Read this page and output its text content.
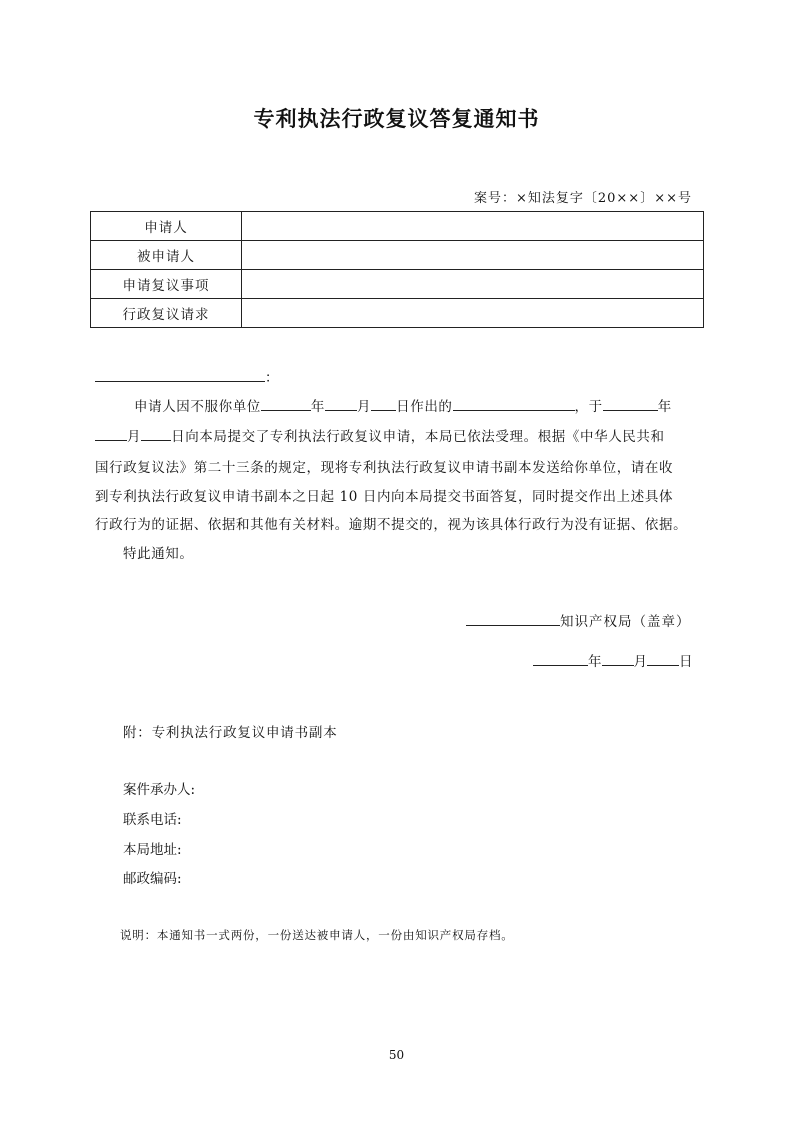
专利执法行政复议答复通知书
案号：×知法复字〔20××〕××号
申请人	
被申请人	
申请复议事项	
行政复议请求	
：
申请人因不服你单位	年 月 日作出的	，于	年
月 日向本局提交了专利执法行政复议申请，本局已依法受理。根据《中华人民共和
国行政复议法》第二十三条的规定，现将专利执法行政复议申请书副本发送给你单位，请在收
到专利执法行政复议申请书副本之日起 10 日内向本局提交书面答复，同时提交作出上述具体
行政行为的证据、依据和其他有关材料。逾期不提交的，视为该具体行政行为没有证据、依据。
特此通知。
知识产权局（盖章）
年 月 日
附：专利执法行政复议申请书副本
案件承办人:
联系电话:
本局地址:
邮政编码:
说明：本通知书一式两份，一份送达被申请人，一份由知识产权局存档。
50
